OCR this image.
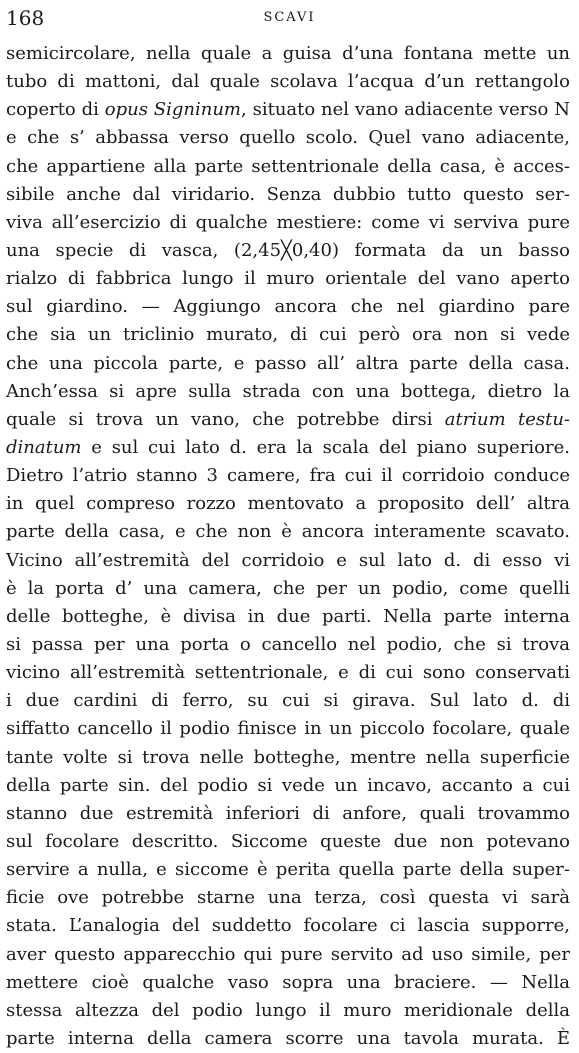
168	SCAVI
semicircolare, nella quale a guisa d’una fontana mette un
tubo di mattoni, dal quale scolava l’acqua d’un rettangolo
coperto di opus Signinum, situato nel vano adiacente verso N
e che s’ abbassa verso quello scolo. Quel vano adiacente,
che appartiene alla parte settentrionale della casa, è acces-
sibile anche dal viridario. Senza dubbio tutto questo ser-
viva all’esercizio di qualche mestiere: come vi serviva pure
una specie di vasca, (2,45╳0,40) formata da un basso
rialzo di fabbrica lungo il muro orientale del vano aperto
sul giardino. — Aggiungo ancora che nel giardino pare
che sia un triclinio murato, di cui però ora non si vede
che una piccola parte, e passo all’ altra parte della casa.
Anch’essa si apre sulla strada con una bottega, dietro la
quale si trova un vano, che potrebbe dirsi atrium testu-
dinatum e sul cui lato d. era la scala del piano superiore.
Dietro l’atrio stanno 3 camere, fra cui il corridoio conduce
in quel compreso rozzo mentovato a proposito dell’ altra
parte della casa, e che non è ancora interamente scavato.
Vicino all’estremità del corridoio e sul lato d. di esso vi
è la porta d’ una camera, che per un podio, come quelli
delle botteghe, è divisa in due parti. Nella parte interna
si passa per una porta o cancello nel podio, che si trova
vicino all’estremità settentrionale, e di cui sono conservati
i due cardini di ferro, su cui si girava. Sul lato d. di
siffatto cancello il podio finisce in un piccolo focolare, quale
tante volte si trova nelle botteghe, mentre nella superficie
della parte sin. del podio si vede un incavo, accanto a cui
stanno due estremità inferiori di anfore, quali trovammo
sul focolare descritto. Siccome queste due non potevano
servire a nulla, e siccome è perita quella parte della super-
ficie ove potrebbe starne una terza, così questa vi sarà
stata. L’analogia del suddetto focolare ci lascia supporre,
aver questo apparecchio qui pure servito ad uso simile, per
mettere cioè qualche vaso sopra una braciere. — Nella
stessa altezza del podio lungo il muro meridionale della
parte interna della camera scorre una tavola murata. È
